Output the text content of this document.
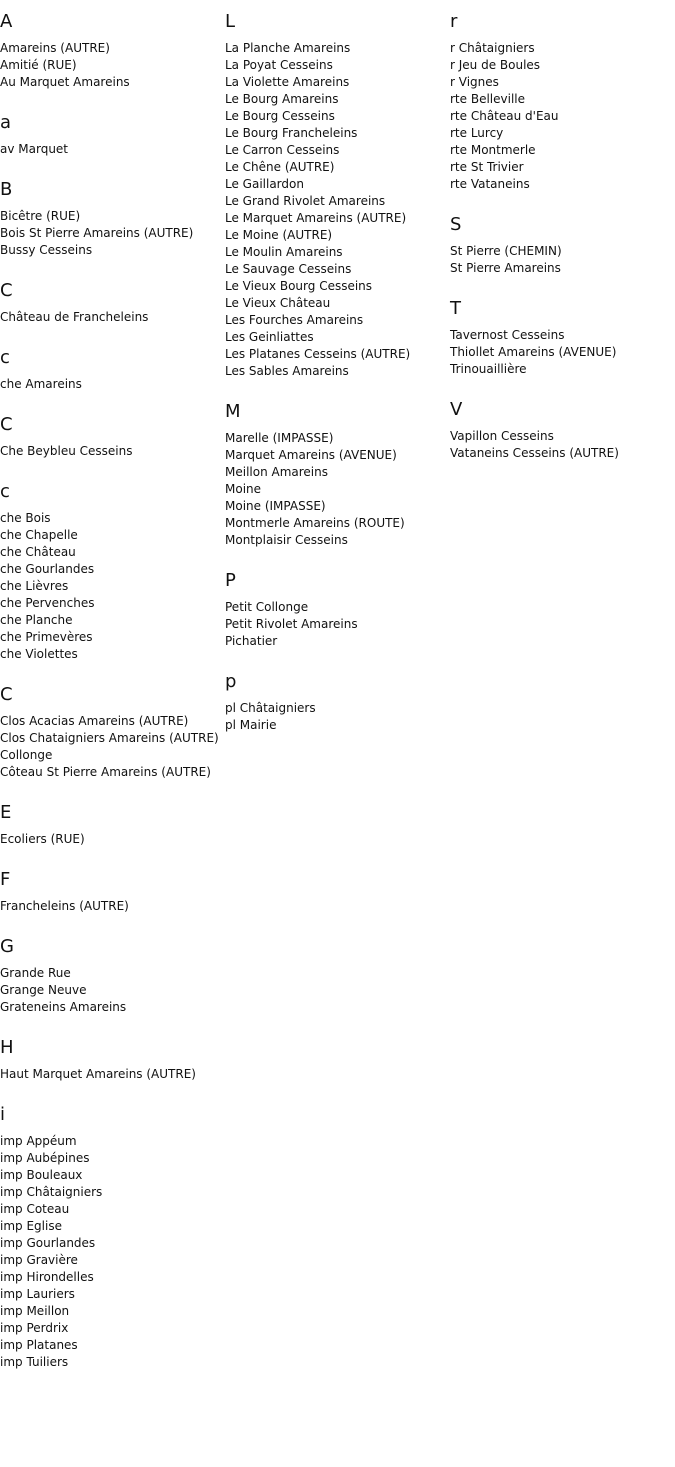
A
Amareins (AUTRE)
Amitié (RUE)
Au Marquet Amareins
a
av Marquet
B
Bicêtre (RUE)
Bois St Pierre Amareins (AUTRE)
Bussy Cesseins
C
Château de Francheleins
c
che Amareins
C
Che Beybleu Cesseins
c
che Bois
che Chapelle
che Château
che Gourlandes
che Lièvres
che Pervenches
che Planche
che Primevères
che Violettes
C
Clos Acacias Amareins (AUTRE)
Clos Chataigniers Amareins (AUTRE)
Collonge
Côteau St Pierre Amareins (AUTRE)
E
Ecoliers (RUE)
F
Francheleins (AUTRE)
G
Grande Rue
Grange Neuve
Grateneins Amareins
H
Haut Marquet Amareins (AUTRE)
i
imp Appéum
imp Aubépines
imp Bouleaux
imp Châtaigniers
imp Coteau
imp Eglise
imp Gourlandes
imp Gravière
imp Hirondelles
imp Lauriers
imp Meillon
imp Perdrix
imp Platanes
imp Tuiliers
L
La Planche Amareins
La Poyat Cesseins
La Violette Amareins
Le Bourg Amareins
Le Bourg Cesseins
Le Bourg Francheleins
Le Carron Cesseins
Le Chêne (AUTRE)
Le Gaillardon
Le Grand Rivolet Amareins
Le Marquet Amareins (AUTRE)
Le Moine (AUTRE)
Le Moulin Amareins
Le Sauvage Cesseins
Le Vieux Bourg Cesseins
Le Vieux Château
Les Fourches Amareins
Les Geinliattes
Les Platanes Cesseins (AUTRE)
Les Sables Amareins
M
Marelle (IMPASSE)
Marquet Amareins (AVENUE)
Meillon Amareins
Moine
Moine (IMPASSE)
Montmerle Amareins (ROUTE)
Montplaisir Cesseins
P
Petit Collonge
Petit Rivolet Amareins
Pichatier
p
pl Châtaigniers
pl Mairie
r
r Châtaigniers
r Jeu de Boules
r Vignes
rte Belleville
rte Château d'Eau
rte Lurcy
rte Montmerle
rte St Trivier
rte Vataneins
S
St Pierre (CHEMIN)
St Pierre Amareins
T
Tavernost Cesseins
Thiollet Amareins (AVENUE)
Trinouaillière
V
Vapillon Cesseins
Vataneins Cesseins (AUTRE)
